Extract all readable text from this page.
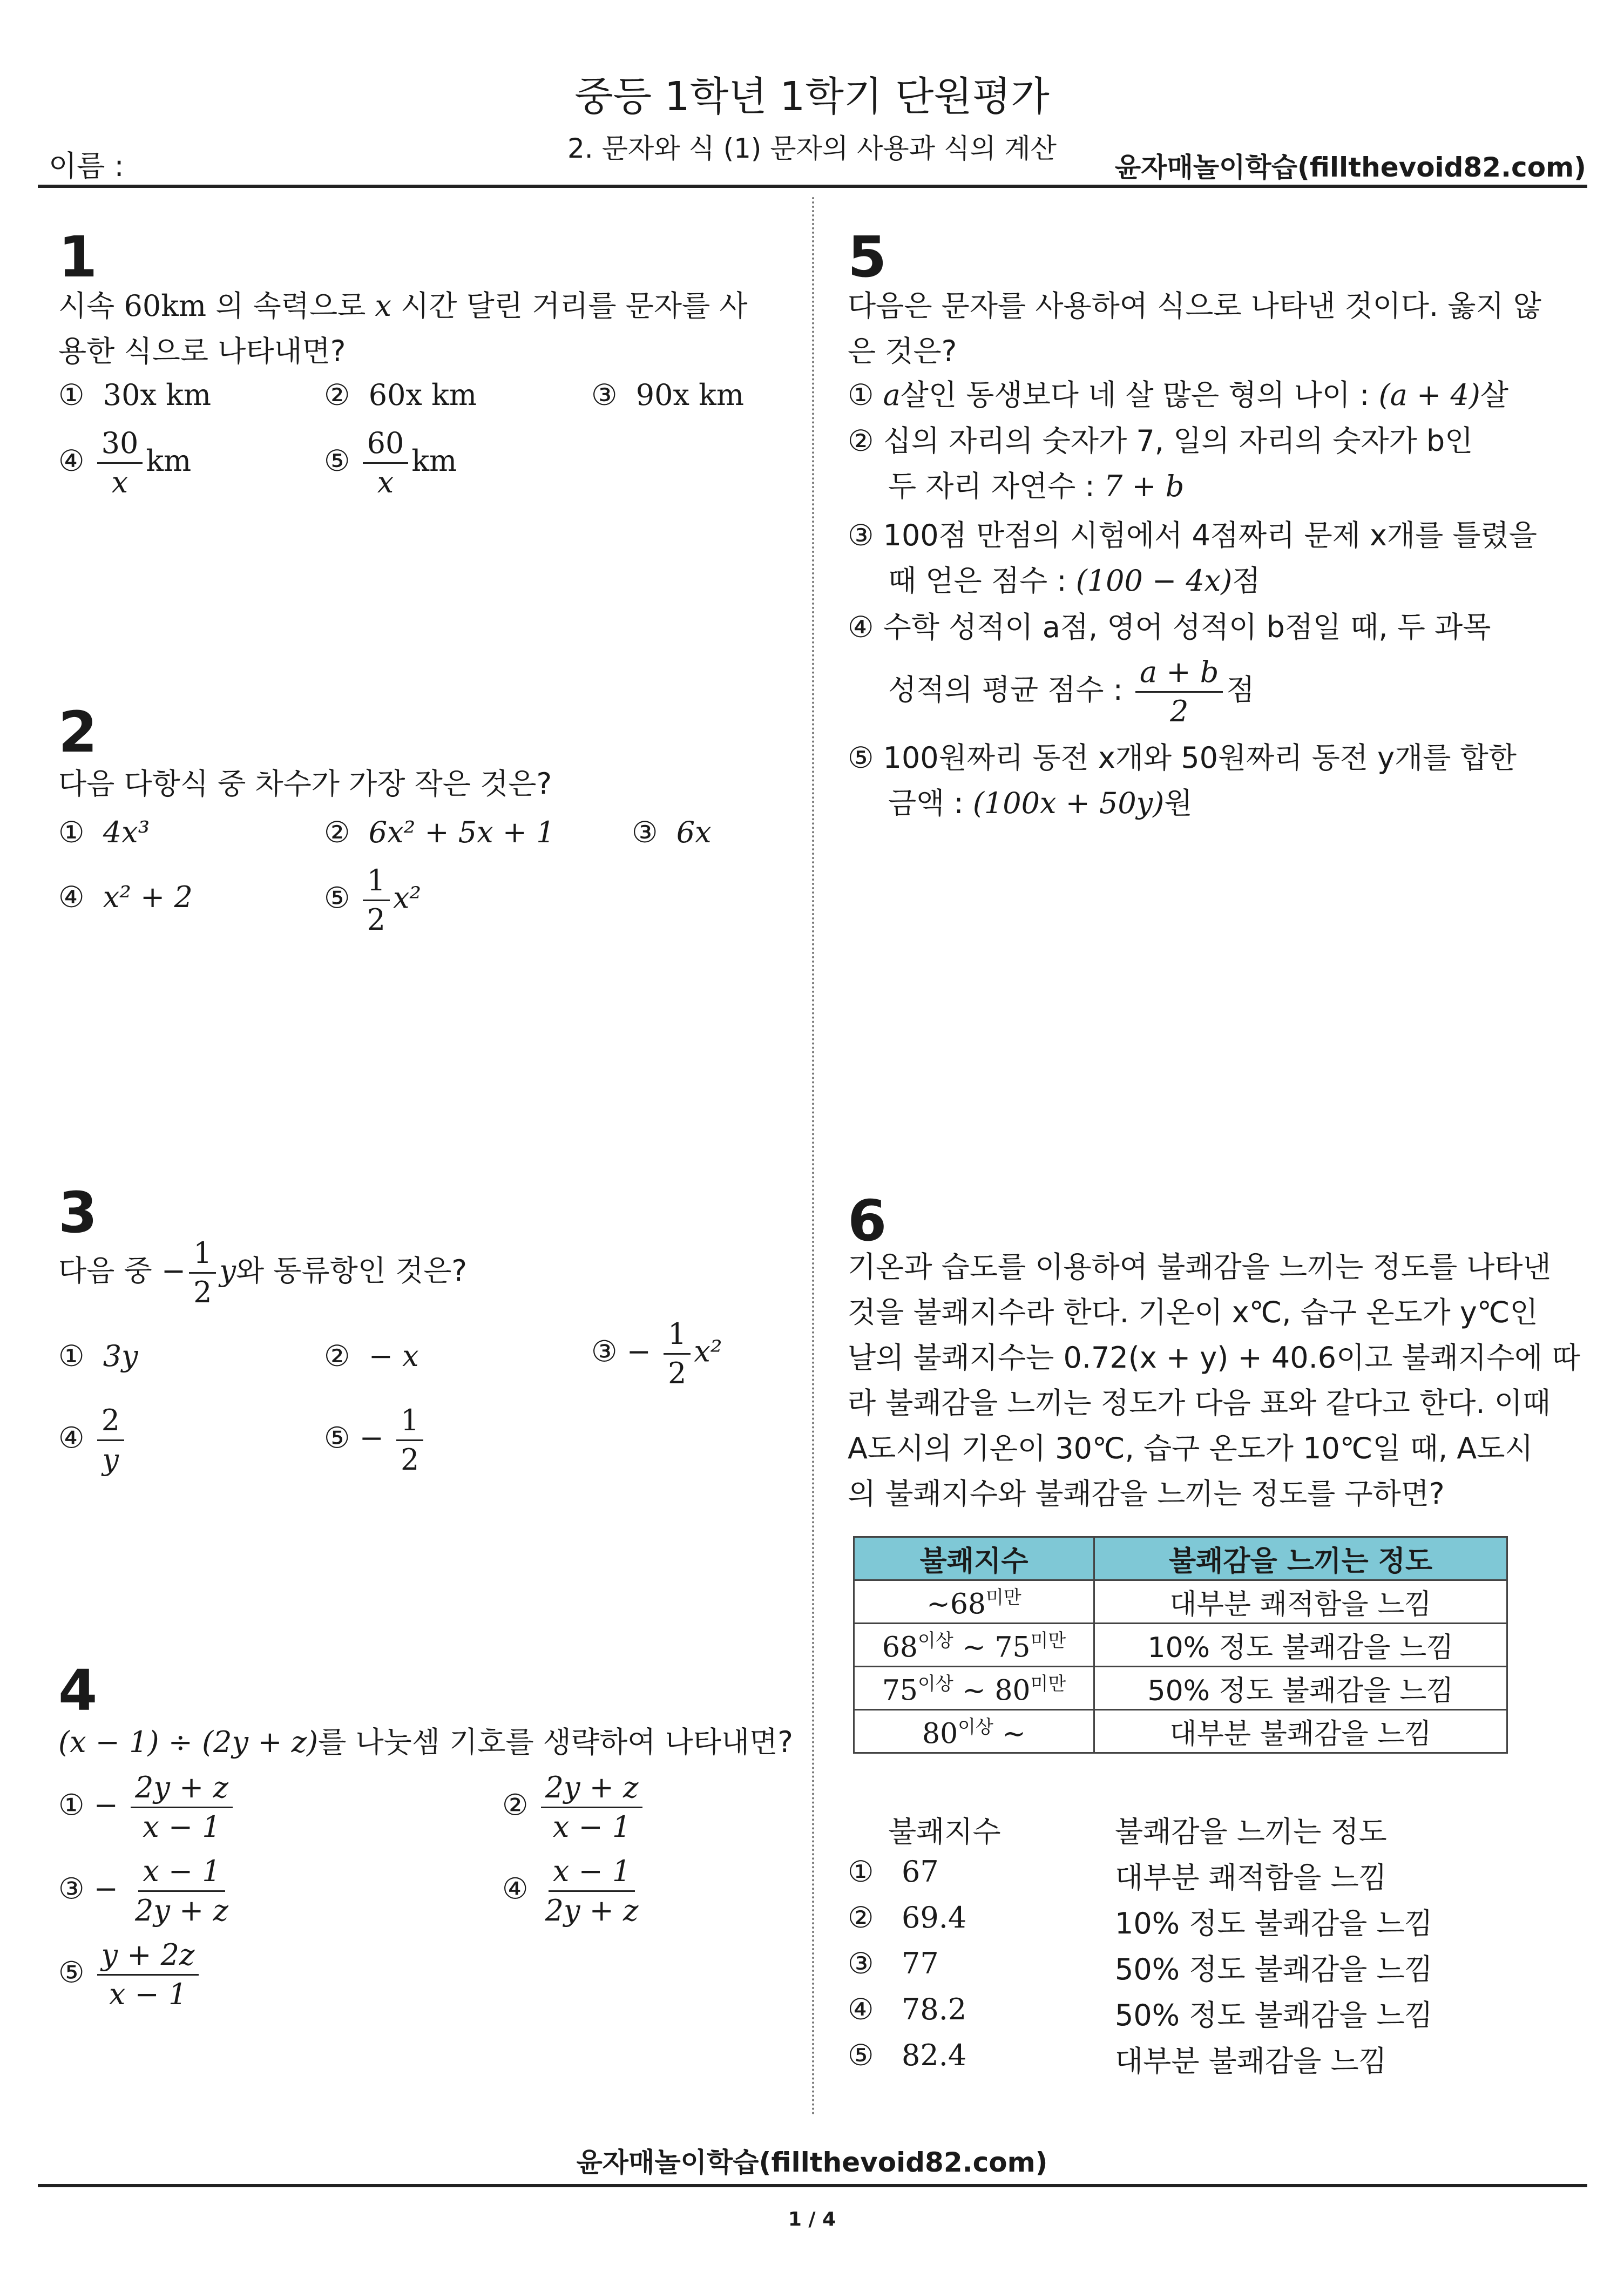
중등 1학년 1학기 단원평가
2. 문자와 식 (1) 문자의 사용과 식의 계산
이름 :	윤자매놀이학습(fillthevoid82.com)
1
시속 60km 의 속력으로 x 시간 달린 거리를 문자를 사
용한 식으로 나타내면?
① 30x km	② 60x km	③ 90x km
④ $\frac{30}{x}$ km	⑤ $\frac{60}{x}$ km
2
다음 다항식 중 차수가 가장 작은 것은?
① 4x³	② 6x² + 5x + 1	③ 6x
④ x² + 2	⑤ $\frac{1}{2} x^2$
3
다음 중 − $\frac{1}{2}$ y와 동류항인 것은?
① 3y	② − x	③ − $\frac{1}{2} x^2$
④ $\frac{2}{y}$	⑤ − $\frac{1}{2}$
4
(x − 1) ÷ (2y + z)를 나눗셈 기호를 생략하여 나타내면?
① − $\frac{2y + z}{x - 1}$	② $\frac{2y + z}{x - 1}$
③ − $\frac{x - 1}{2y + z}$	④ $\frac{x - 1}{2y + z}$
⑤ $\frac{y + 2z}{x - 1}$
5
다음은 문자를 사용하여 식으로 나타낸 것이다. 옳지 않
은 것은?
① a살인 동생보다 네 살 많은 형의 나이 : (a + 4)살
② 십의 자리의 숫자가 7, 일의 자리의 숫자가 b인
두 자리 자연수 : 7 + b
③ 100점 만점의 시험에서 4점짜리 문제 x개를 틀렸을
때 얻은 점수 : (100 − 4x)점
④ 수학 성적이 a점, 영어 성적이 b점일 때, 두 과목
성적의 평균 점수 : $\frac{a + b}{2}$ 점
⑤ 100원짜리 동전 x개와 50원짜리 동전 y개를 합한
금액 : (100x + 50y)원
6
기온과 습도를 이용하여 불쾌감을 느끼는 정도를 나타낸
것을 불쾌지수라 한다. 기온이 x℃, 습구 온도가 y℃인
날의 불쾌지수는 0.72(x + y) + 40.6이고 불쾌지수에 따
라 불쾌감을 느끼는 정도가 다음 표와 같다고 한다. 이때
A도시의 기온이 30℃, 습구 온도가 10℃일 때, A도시
의 불쾌지수와 불쾌감을 느끼는 정도를 구하면?
불쾌지수	불쾌감을 느끼는 정도
$\sim 68^{미만}$	대부분 쾌적함을 느낌
$68^{이상}$ ~ $75^{미만}$	10% 정도 불쾌감을 느낌
$75^{이상}$ ~ $80^{미만}$	50% 정도 불쾌감을 느낌
$80^{이상}$ ~	대부분 불쾌감을 느낌
불쾌지수	불쾌감을 느끼는 정도
① 67	대부분 쾌적함을 느낌
② 69.4	10% 정도 불쾌감을 느낌
③ 77	50% 정도 불쾌감을 느낌
④ 78.2	50% 정도 불쾌감을 느낌
⑤ 82.4	대부분 불쾌감을 느낌
윤자매놀이학습(fillthevoid82.com)
1 / 4
